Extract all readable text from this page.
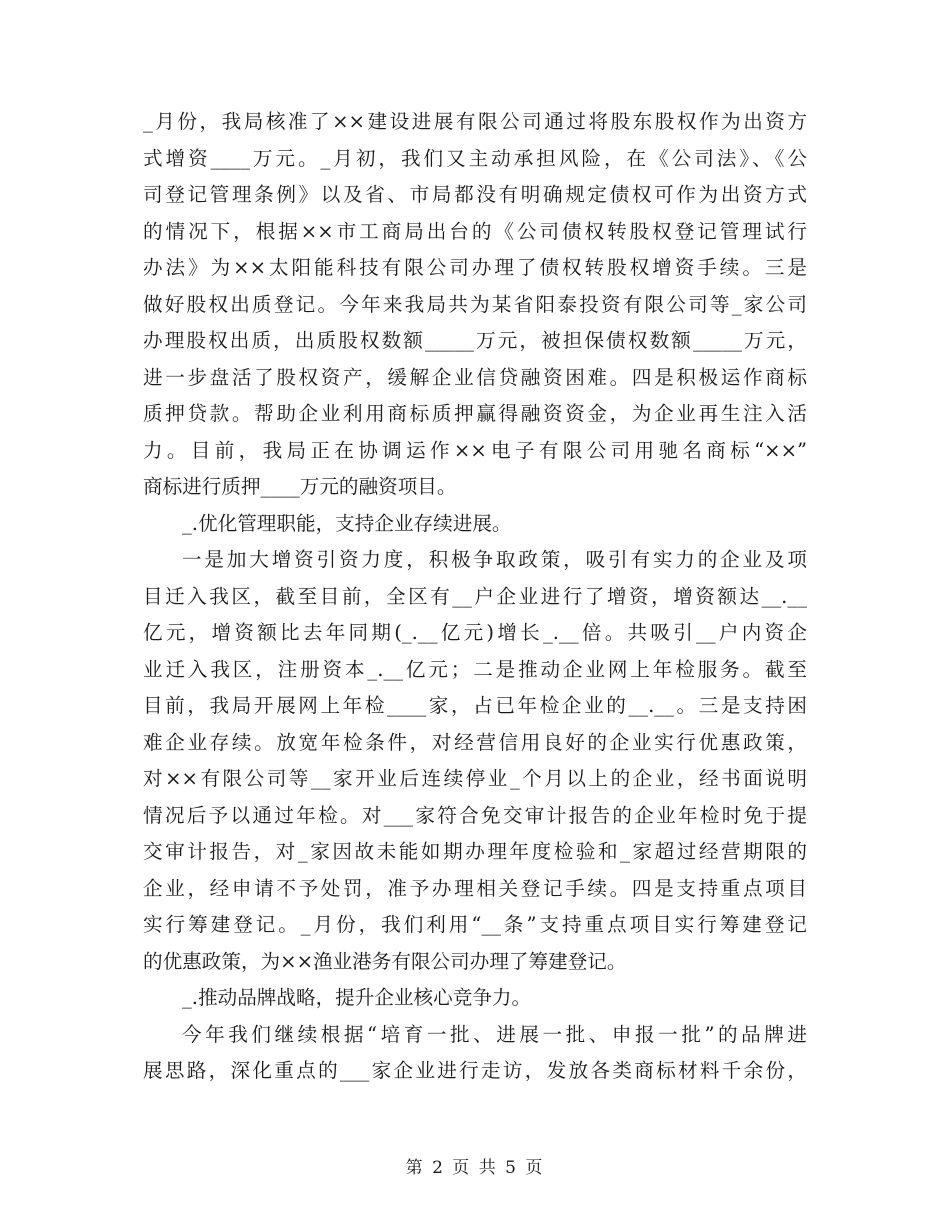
_月份，我局核准了××建设进展有限公司通过将股东股权作为出资方
式增资____万元。_月初，我们又主动承担风险，在《公司法》、《公
司登记管理条例》以及省、市局都没有明确规定债权可作为出资方式
的情况下，根据××市工商局出台的《公司债权转股权登记管理试行
办法》为××太阳能科技有限公司办理了债权转股权增资手续。三是
做好股权出质登记。今年来我局共为某省阳泰投资有限公司等_家公司
办理股权出质，出质股权数额_____万元，被担保债权数额_____万元，
进一步盘活了股权资产，缓解企业信贷融资困难。四是积极运作商标
质押贷款。帮助企业利用商标质押赢得融资资金，为企业再生注入活
力。目前，我局正在协调运作××电子有限公司用驰名商标“××”
商标进行质押____万元的融资项目。
_.优化管理职能，支持企业存续进展。
一是加大增资引资力度，积极争取政策，吸引有实力的企业及项
目迁入我区，截至目前，全区有__户企业进行了增资，增资额达__.__
亿元，增资额比去年同期(_.__亿元)增长_.__倍。共吸引__户内资企
业迁入我区，注册资本_.__亿元；二是推动企业网上年检服务。截至
目前，我局开展网上年检____家，占已年检企业的__.__。三是支持困
难企业存续。放宽年检条件，对经营信用良好的企业实行优惠政策，
对××有限公司等__家开业后连续停业_个月以上的企业，经书面说明
情况后予以通过年检。对___家符合免交审计报告的企业年检时免于提
交审计报告，对_家因故未能如期办理年度检验和_家超过经营期限的
企业，经申请不予处罚，准予办理相关登记手续。四是支持重点项目
实行筹建登记。_月份，我们利用“__条”支持重点项目实行筹建登记
的优惠政策，为××渔业港务有限公司办理了筹建登记。
_.推动品牌战略，提升企业核心竞争力。
今年我们继续根据“培育一批、进展一批、申报一批”的品牌进
展思路，深化重点的___家企业进行走访，发放各类商标材料千余份，
第 2 页 共 5 页
